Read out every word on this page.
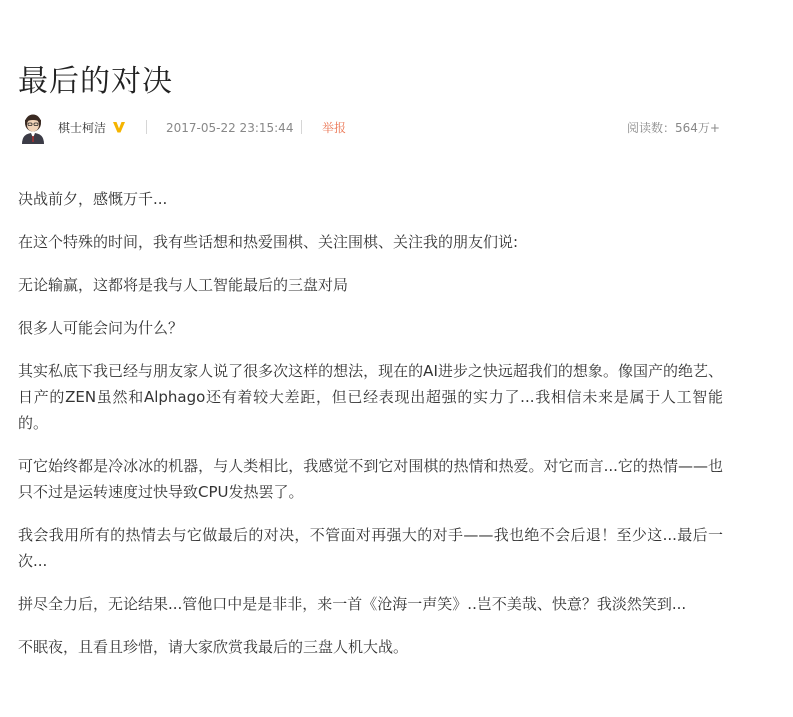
最后的对决
棋士柯洁	2017-05-22 23:15:44 举报	阅读数：564万+

决战前夕，感慨万千...

在这个特殊的时间，我有些话想和热爱围棋、关注围棋、关注我的朋友们说:

无论输赢，这都将是我与人工智能最后的三盘对局

很多人可能会问为什么？

其实私底下我已经与朋友家人说了很多次这样的想法，现在的AI进步之快远超我们的想象。像国产的绝艺、日产的ZEN虽然和Alphago还有着较大差距，但已经表现出超强的实力了...我相信未来是属于人工智能的。

可它始终都是冷冰冰的机器，与人类相比，我感觉不到它对围棋的热情和热爱。对它而言...它的热情——也只不过是运转速度过快导致CPU发热罢了。

我会我用所有的热情去与它做最后的对决，不管面对再强大的对手——我也绝不会后退！至少这...最后一次...

拼尽全力后，无论结果...管他口中是是非非，来一首《沧海一声笑》..岂不美哉、快意？我淡然笑到...

不眠夜，且看且珍惜，请大家欣赏我最后的三盘人机大战。
